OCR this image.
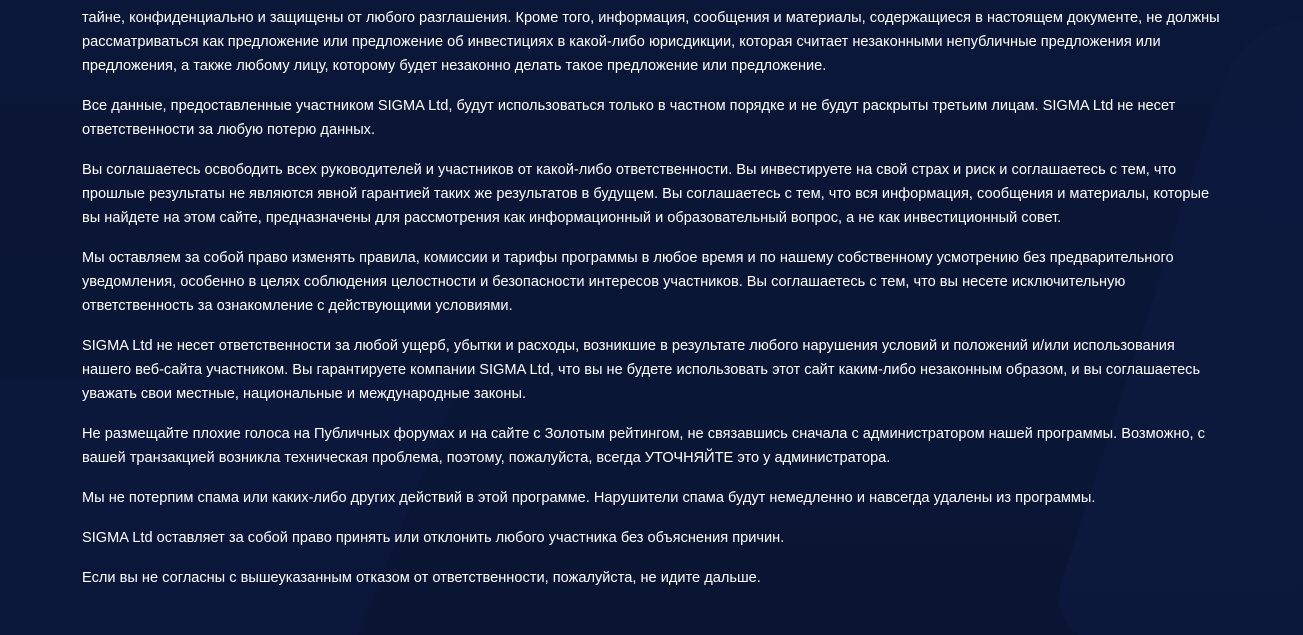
тайне, конфиденциально и защищены от любого разглашения. Кроме того, информация, сообщения и материалы, содержащиеся в настоящем документе, не должны рассматриваться как предложение или предложение об инвестициях в какой-либо юрисдикции, которая считает незаконными непубличные предложения или предложения, а также любому лицу, которому будет незаконно делать такое предложение или предложение.

Все данные, предоставленные участником SIGMA Ltd, будут использоваться только в частном порядке и не будут раскрыты третьим лицам. SIGMA Ltd не несет ответственности за любую потерю данных.

Вы соглашаетесь освободить всех руководителей и участников от какой-либо ответственности. Вы инвестируете на свой страх и риск и соглашаетесь с тем, что прошлые результаты не являются явной гарантией таких же результатов в будущем. Вы соглашаетесь с тем, что вся информация, сообщения и материалы, которые вы найдете на этом сайте, предназначены для рассмотрения как информационный и образовательный вопрос, а не как инвестиционный совет.

Мы оставляем за собой право изменять правила, комиссии и тарифы программы в любое время и по нашему собственному усмотрению без предварительного уведомления, особенно в целях соблюдения целостности и безопасности интересов участников. Вы соглашаетесь с тем, что вы несете исключительную ответственность за ознакомление с действующими условиями.

SIGMA Ltd не несет ответственности за любой ущерб, убытки и расходы, возникшие в результате любого нарушения условий и положений и/или использования нашего веб-сайта участником. Вы гарантируете компании SIGMA Ltd, что вы не будете использовать этот сайт каким-либо незаконным образом, и вы соглашаетесь уважать свои местные, национальные и международные законы.

Не размещайте плохие голоса на Публичных форумах и на сайте с Золотым рейтингом, не связавшись сначала с администратором нашей программы. Возможно, с вашей транзакцией возникла техническая проблема, поэтому, пожалуйста, всегда УТОЧНЯЙТЕ это у администратора.

Мы не потерпим спама или каких-либо других действий в этой программе. Нарушители спама будут немедленно и навсегда удалены из программы.

SIGMA Ltd оставляет за собой право принять или отклонить любого участника без объяснения причин.

Если вы не согласны с вышеуказанным отказом от ответственности, пожалуйста, не идите дальше.
